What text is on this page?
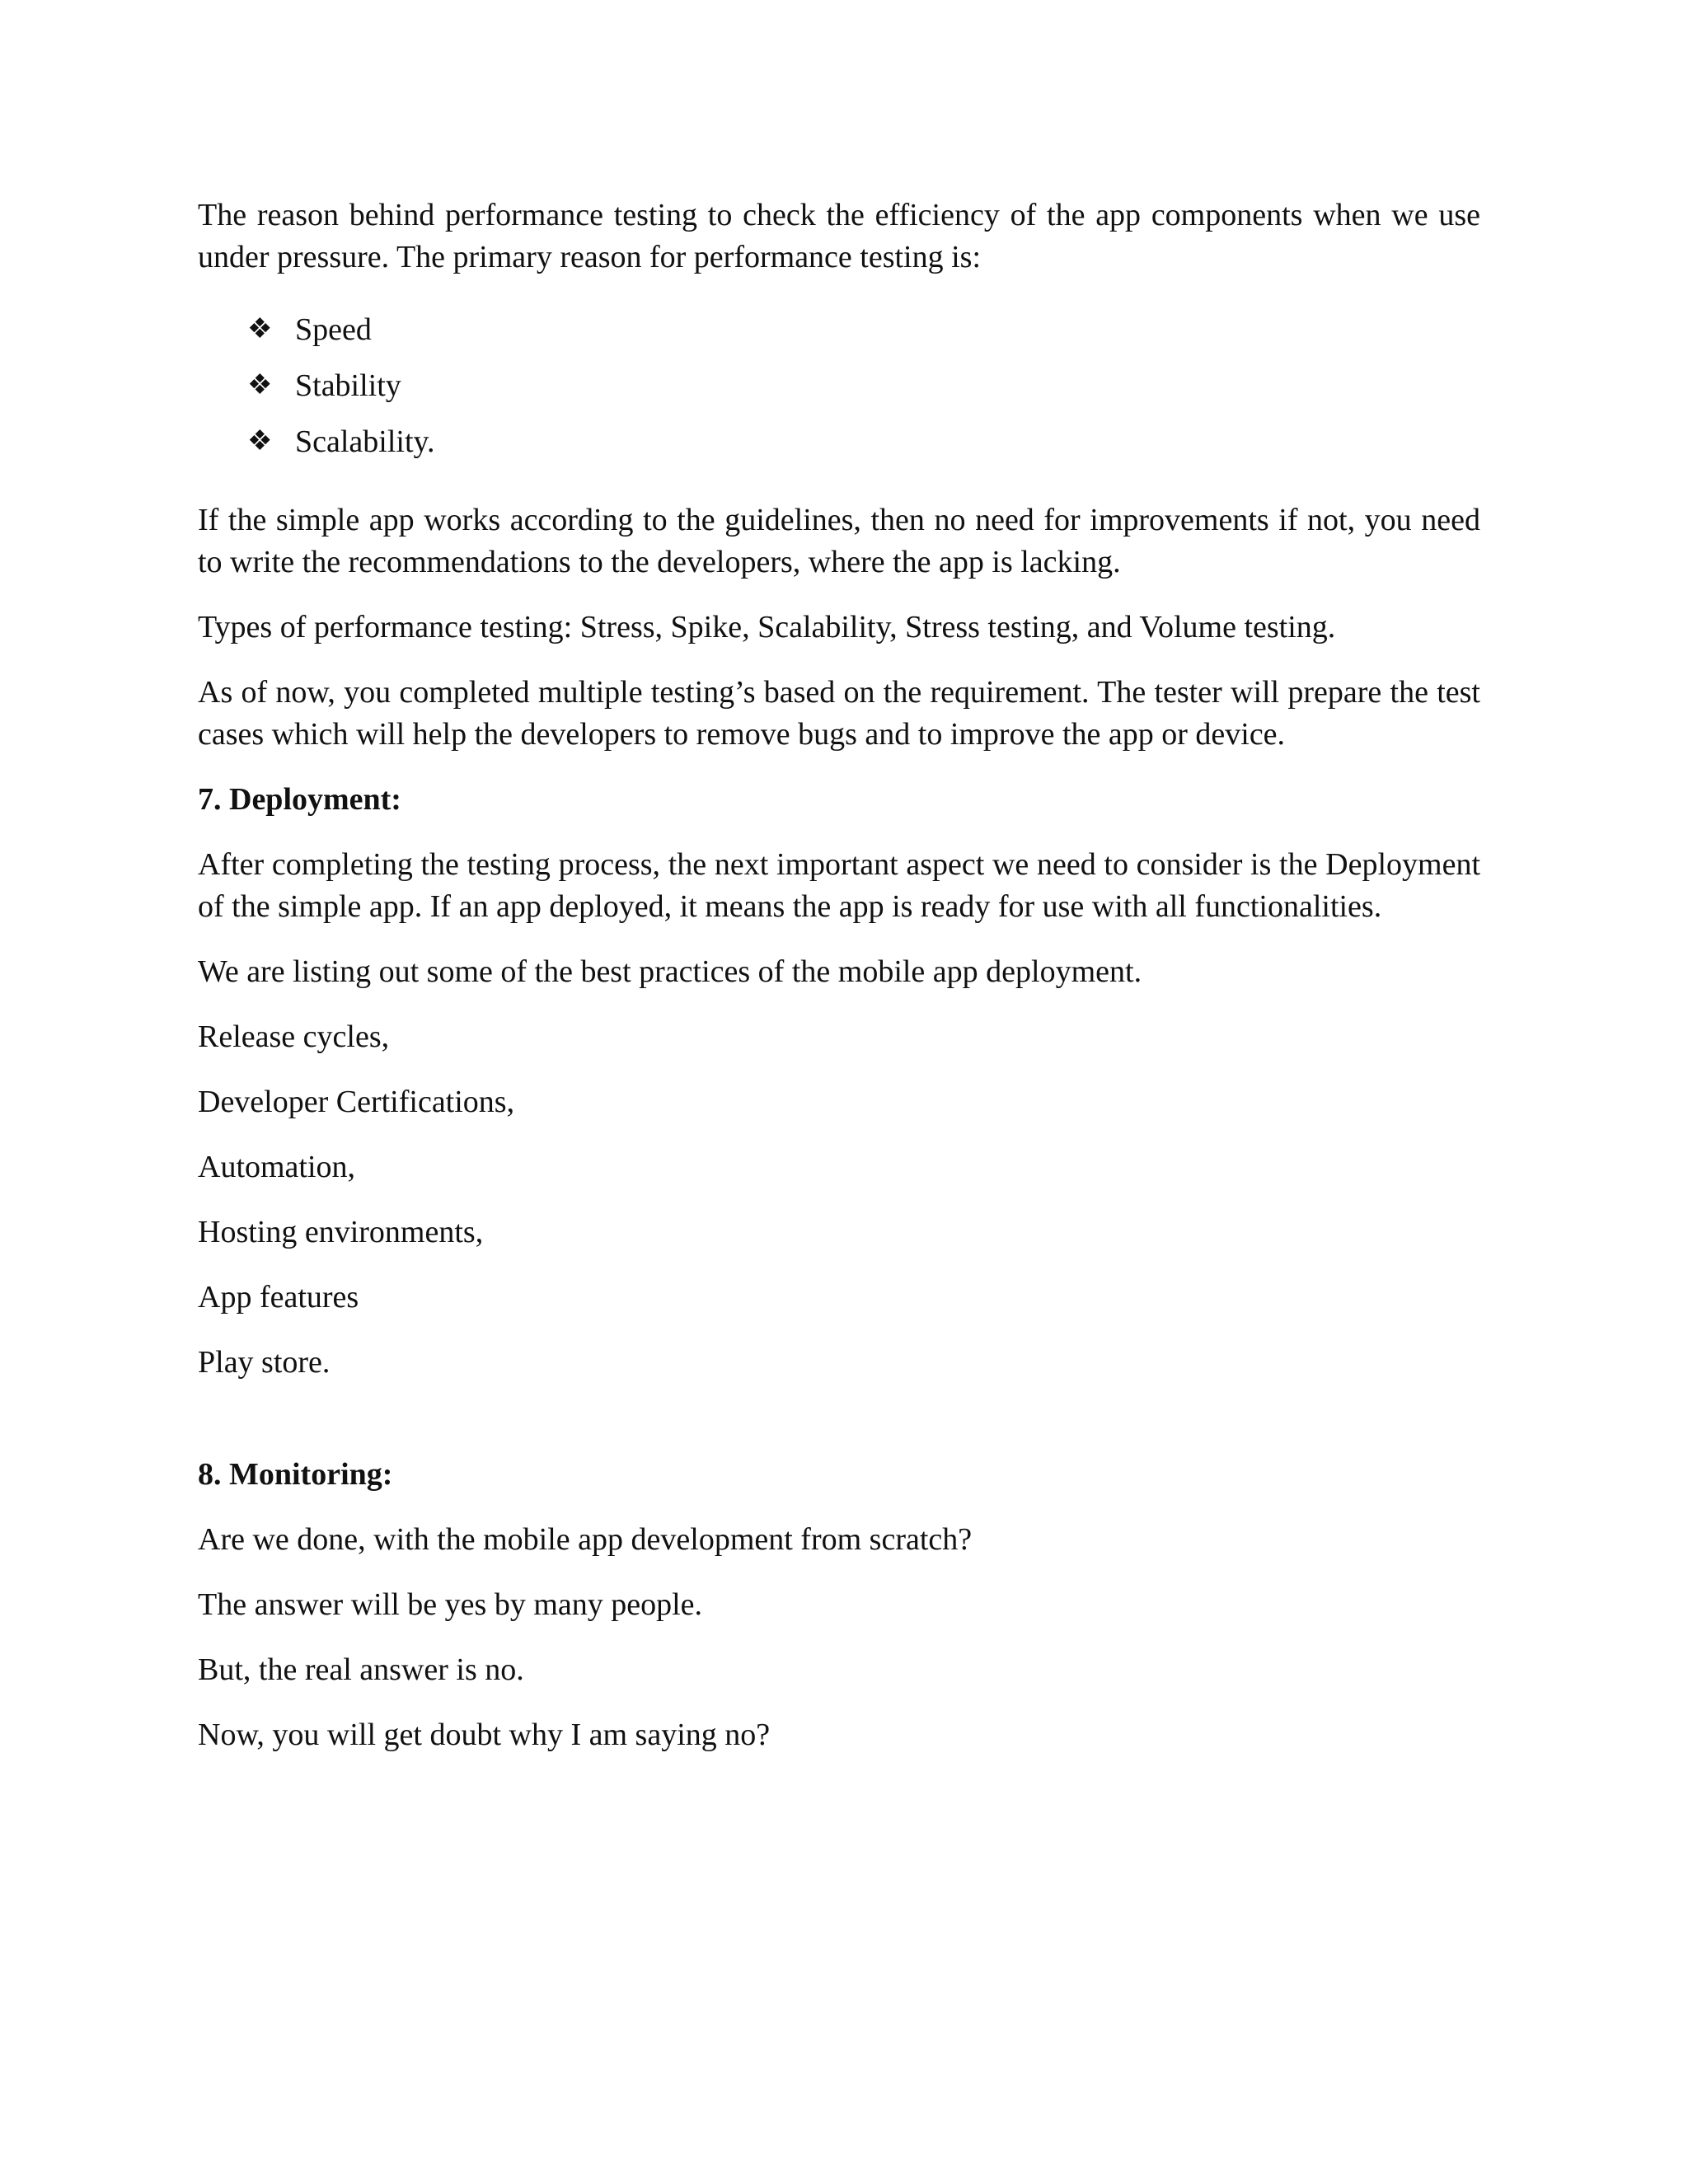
The reason behind performance testing to check the efficiency of the app components when we use under pressure. The primary reason for performance testing is:

❖ Speed
❖ Stability
❖ Scalability.

If the simple app works according to the guidelines, then no need for improvements if not, you need to write the recommendations to the developers, where the app is lacking.

Types of performance testing: Stress, Spike, Scalability, Stress testing, and Volume testing.

As of now, you completed multiple testing’s based on the requirement. The tester will prepare the test cases which will help the developers to remove bugs and to improve the app or device.

7. Deployment:

After completing the testing process, the next important aspect we need to consider is the Deployment of the simple app. If an app deployed, it means the app is ready for use with all functionalities.

We are listing out some of the best practices of the mobile app deployment.
Release cycles,
Developer Certifications,
Automation,
Hosting environments,
App features
Play store.
8. Monitoring:
Are we done, with the mobile app development from scratch?
The answer will be yes by many people.
But, the real answer is no.
Now, you will get doubt why I am saying no?
